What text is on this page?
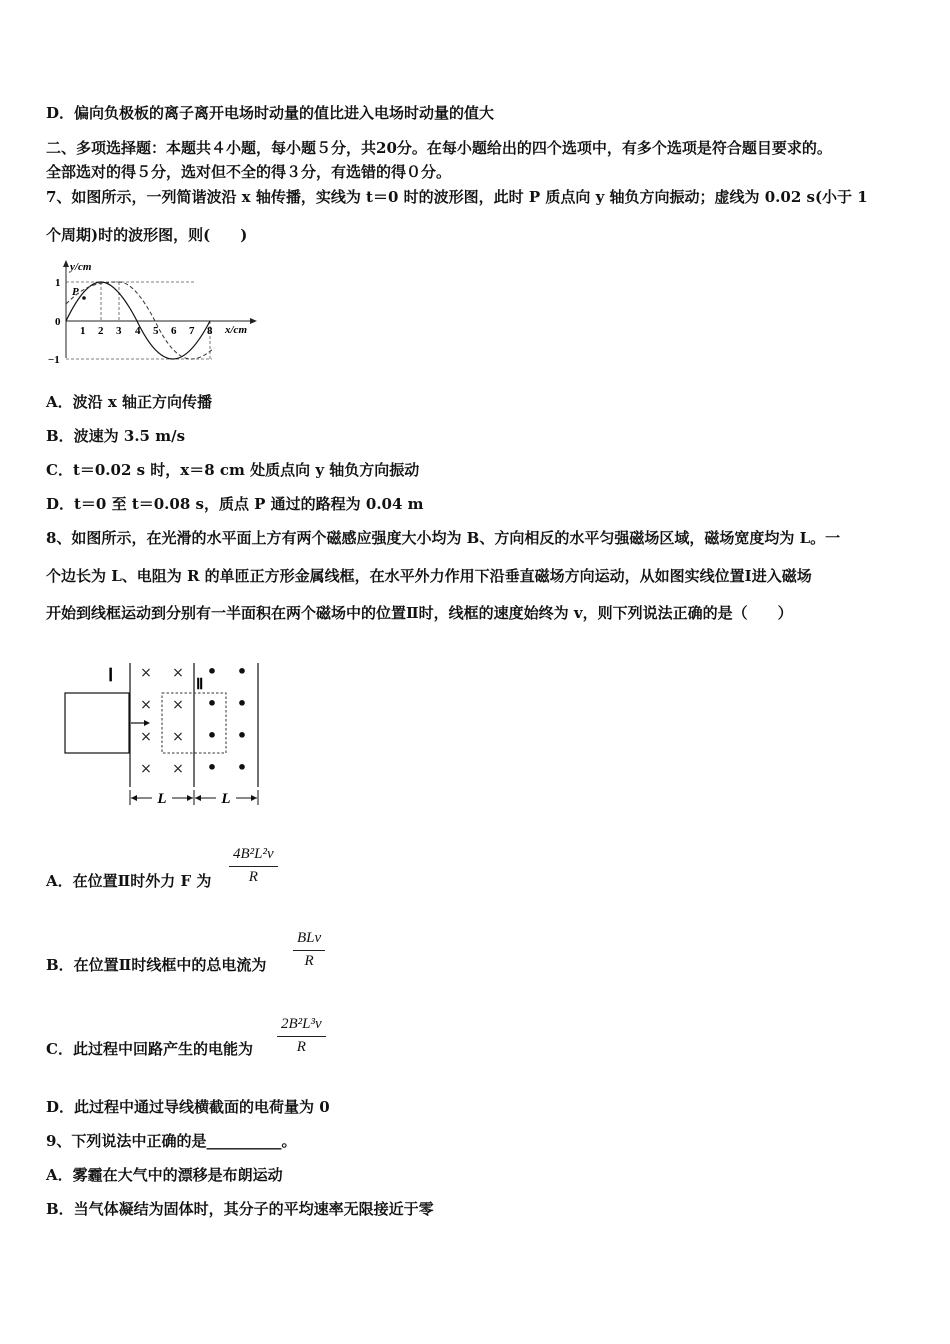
D．偏向负极板的离子离开电场时动量的值比进入电场时动量的值大
二、多项选择题：本题共４小题，每小题５分，共20分。在每小题给出的四个选项中，有多个选项是符合题目要求的。
全部选对的得５分，选对但不全的得３分，有选错的得０分。
7、如图所示，一列简谐波沿 x 轴传播，实线为 t＝0 时的波形图，此时 P 质点向 y 轴负方向振动；虚线为 0.02 s(小于 1
个周期)时的波形图，则(　　)
P
y/cm
x/cm
1
0
−1
1 2 3 4 5 6 7 8
A．波沿 x 轴正方向传播
B．波速为 3.5 m/s
C．t＝0.02 s 时，x＝8 cm 处质点向 y 轴负方向振动
D．t＝0 至 t＝0.08 s，质点 P 通过的路程为 0.04 m
8、如图所示，在光滑的水平面上方有两个磁感应强度大小均为 B、方向相反的水平匀强磁场区域，磁场宽度均为 L。一
个边长为 L、电阻为 R 的单匝正方形金属线框，在水平外力作用下沿垂直磁场方向运动，从如图实线位置Ⅰ进入磁场
开始到线框运动到分别有一半面积在两个磁场中的位置Ⅱ时，线框的速度始终为 v，则下列说法正确的是（　　）
Ⅰ	Ⅱ
× ×
× ×
× ×
× ×
• •
• •
• •
• •
L	L
A．在位置Ⅱ时外力 F 为 $\frac{\text{4B²L²v}}{R}$
B．在位置Ⅱ时线框中的总电流为
BLv
R
C．此过程中回路产生的电能为 $\frac{\text{2B²L³v}}{R}$
D．此过程中通过导线横截面的电荷量为 0
9、下列说法中正确的是__________。
A．雾霾在大气中的漂移是布朗运动
B．当气体凝结为固体时，其分子的平均速率无限接近于零
